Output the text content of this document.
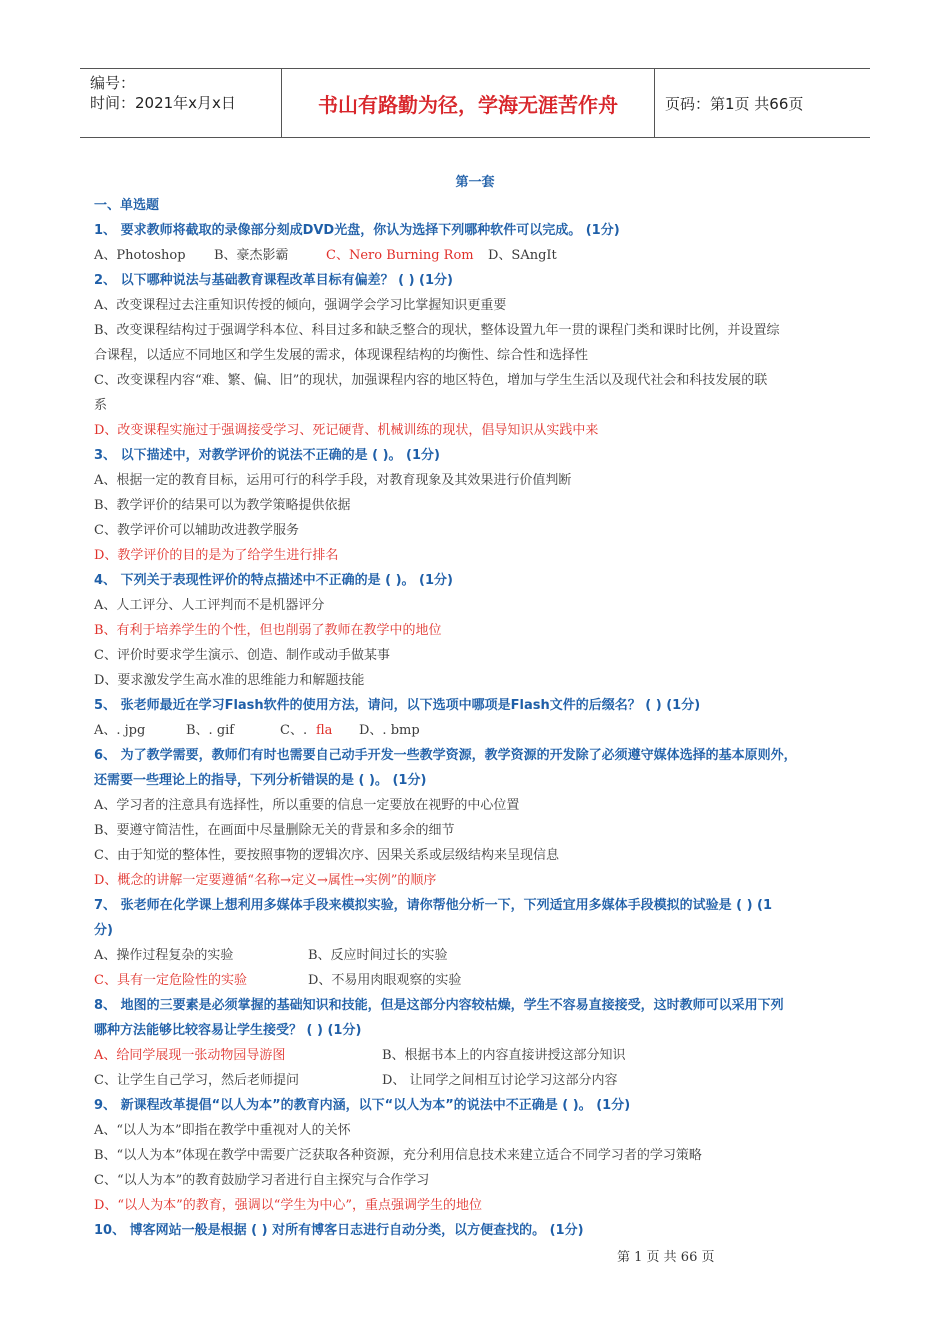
编号：
时间：2021年x月x日	书山有路勤为径，学海无涯苦作舟	页码：第1页 共66页
第一套
一、单选题
1、 要求教师将截取的录像部分刻成DVD光盘，你认为选择下列哪种软件可以完成。 (1分)
A、Photoshop B、豪杰影霸	C、Nero Burning Rom D、SAngIt
2、 以下哪种说法与基础教育课程改革目标有偏差？ ( ) (1分)
A、改变课程过去注重知识传授的倾向，强调学会学习比掌握知识更重要
B、改变课程结构过于强调学科本位、科目过多和缺乏整合的现状，整体设置九年一贯的课程门类和课时比例，并设置综
合课程，以适应不同地区和学生发展的需求，体现课程结构的均衡性、综合性和选择性
C、改变课程内容“难、繁、偏、旧”的现状，加强课程内容的地区特色，增加与学生生活以及现代社会和科技发展的联
系
D、改变课程实施过于强调接受学习、死记硬背、机械训练的现状，倡导知识从实践中来
3、 以下描述中，对教学评价的说法不正确的是 ( )。 (1分)
A、根据一定的教育目标，运用可行的科学手段，对教育现象及其效果进行价值判断
B、教学评价的结果可以为教学策略提供依据
C、教学评价可以辅助改进教学服务
D、教学评价的目的是为了给学生进行排名
4、 下列关于表现性评价的特点描述中不正确的是 ( )。 (1分)
A、人工评分、人工评判而不是机器评分
B、有利于培养学生的个性，但也削弱了教师在教学中的地位
C、评价时要求学生演示、创造、制作或动手做某事
D、要求激发学生高水准的思维能力和解题技能
5、 张老师最近在学习Flash软件的使用方法，请问，以下选项中哪项是Flash文件的后缀名？ ( ) (1分)
A、. jpg	B、. gif	C、. fla D、. bmp
6、 为了教学需要，教师们有时也需要自己动手开发一些教学资源，教学资源的开发除了必须遵守媒体选择的基本原则外，
还需要一些理论上的指导，下列分析错误的是 ( )。 (1分)
A、学习者的注意具有选择性，所以重要的信息一定要放在视野的中心位置
B、要遵守简洁性，在画面中尽量删除无关的背景和多余的细节
C、由于知觉的整体性，要按照事物的逻辑次序、因果关系或层级结构来呈现信息
D、概念的讲解一定要遵循“名称→定义→属性→实例”的顺序
7、 张老师在化学课上想利用多媒体手段来模拟实验，请你帮他分析一下，下列适宜用多媒体手段模拟的试验是 ( ) (1
分)
A、操作过程复杂的实验	B、反应时间过长的实验
C、具有一定危险性的实验	D、不易用肉眼观察的实验
8、 地图的三要素是必须掌握的基础知识和技能，但是这部分内容较枯燥，学生不容易直接接受，这时教师可以采用下列
哪种方法能够比较容易让学生接受？ ( ) (1分)
A、给同学展现一张动物园导游图	B、根据书本上的内容直接讲授这部分知识
C、让学生自己学习，然后老师提问	D、 让同学之间相互讨论学习这部分内容
9、 新课程改革提倡“以人为本”的教育内涵，以下“以人为本”的说法中不正确是 ( )。 (1分)
A、“以人为本”即指在教学中重视对人的关怀
B、“以人为本”体现在教学中需要广泛获取各种资源，充分利用信息技术来建立适合不同学习者的学习策略
C、“以人为本”的教育鼓励学习者进行自主探究与合作学习
D、“以人为本”的教育，强调以“学生为中心”，重点强调学生的地位
10、 博客网站一般是根据 ( ) 对所有博客日志进行自动分类，以方便查找的。 (1分)
第 1 页 共 66 页
